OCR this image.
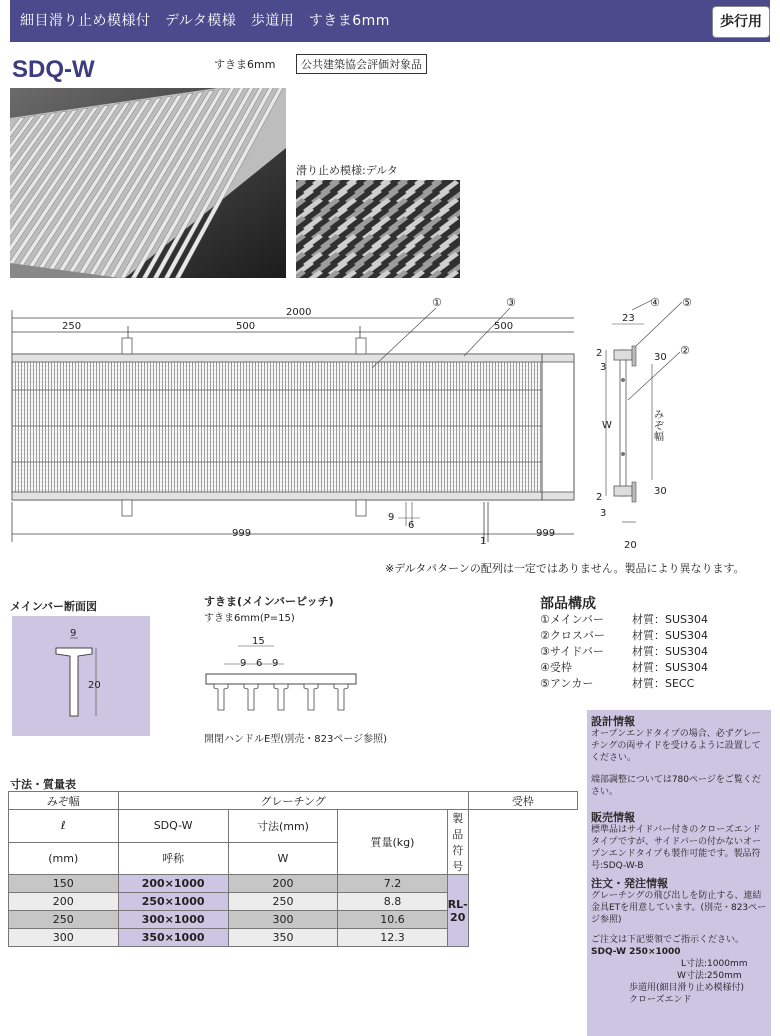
細目滑り止め模様付　デルタ模様　歩道用　すきま6mm	歩行用
SDQ-W	すきま6mm	公共建築協会評価対象品
滑り止め模様:デルタ
2000
250	500	500
999
1
999
9
6
①	③	④ ⑤
②
23
2
3
30
W
みぞ幅
2
3
30
20
※デルタパターンの配列は一定ではありません。製品により異なります。
メインバー断面図
9
20
すきま(メインバーピッチ)
すきま6mm(P=15)
15
9 6 9
開閉ハンドルE型(別売・823ページ参照)
部品構成
①メインバー	材質：SUS304
②クロスバー	材質：SUS304
③サイドバー	材質：SUS304
④受枠	材質：SUS304
⑤アンカー	材質：SECC
設計情報
オープンエンドタイプの場合、必ずグレーチングの両サイドを受けるように設置してください。
端部調整については780ページをご覧ください。
販売情報
標準品はサイドバー付きのクローズエンドタイプですが、サイドバーの付かないオープンエンドタイプも製作可能です。製品符号:SDQ-W-B
注文・発注情報
グレーチングの飛び出しを防止する、連結金具ETを用意しています。(別売・823ページ参照)
ご注文は下記要領でご指示ください。
SDQ-W 250×1000
L寸法:1000mm
W寸法:250mm
歩道用(細目滑り止め模様付)
クローズエンド
寸法・質量表
みぞ幅	グレーチング				受枠
ℓ	SDQ-W	寸法(mm)	質量(kg)	製品符号	
(mm)	呼称	W		
150	200×1000	200	7.2	RL-20	
200	250×1000	250	8.8	
250	300×1000	300	10.6	
300	350×1000	350	12.3	
